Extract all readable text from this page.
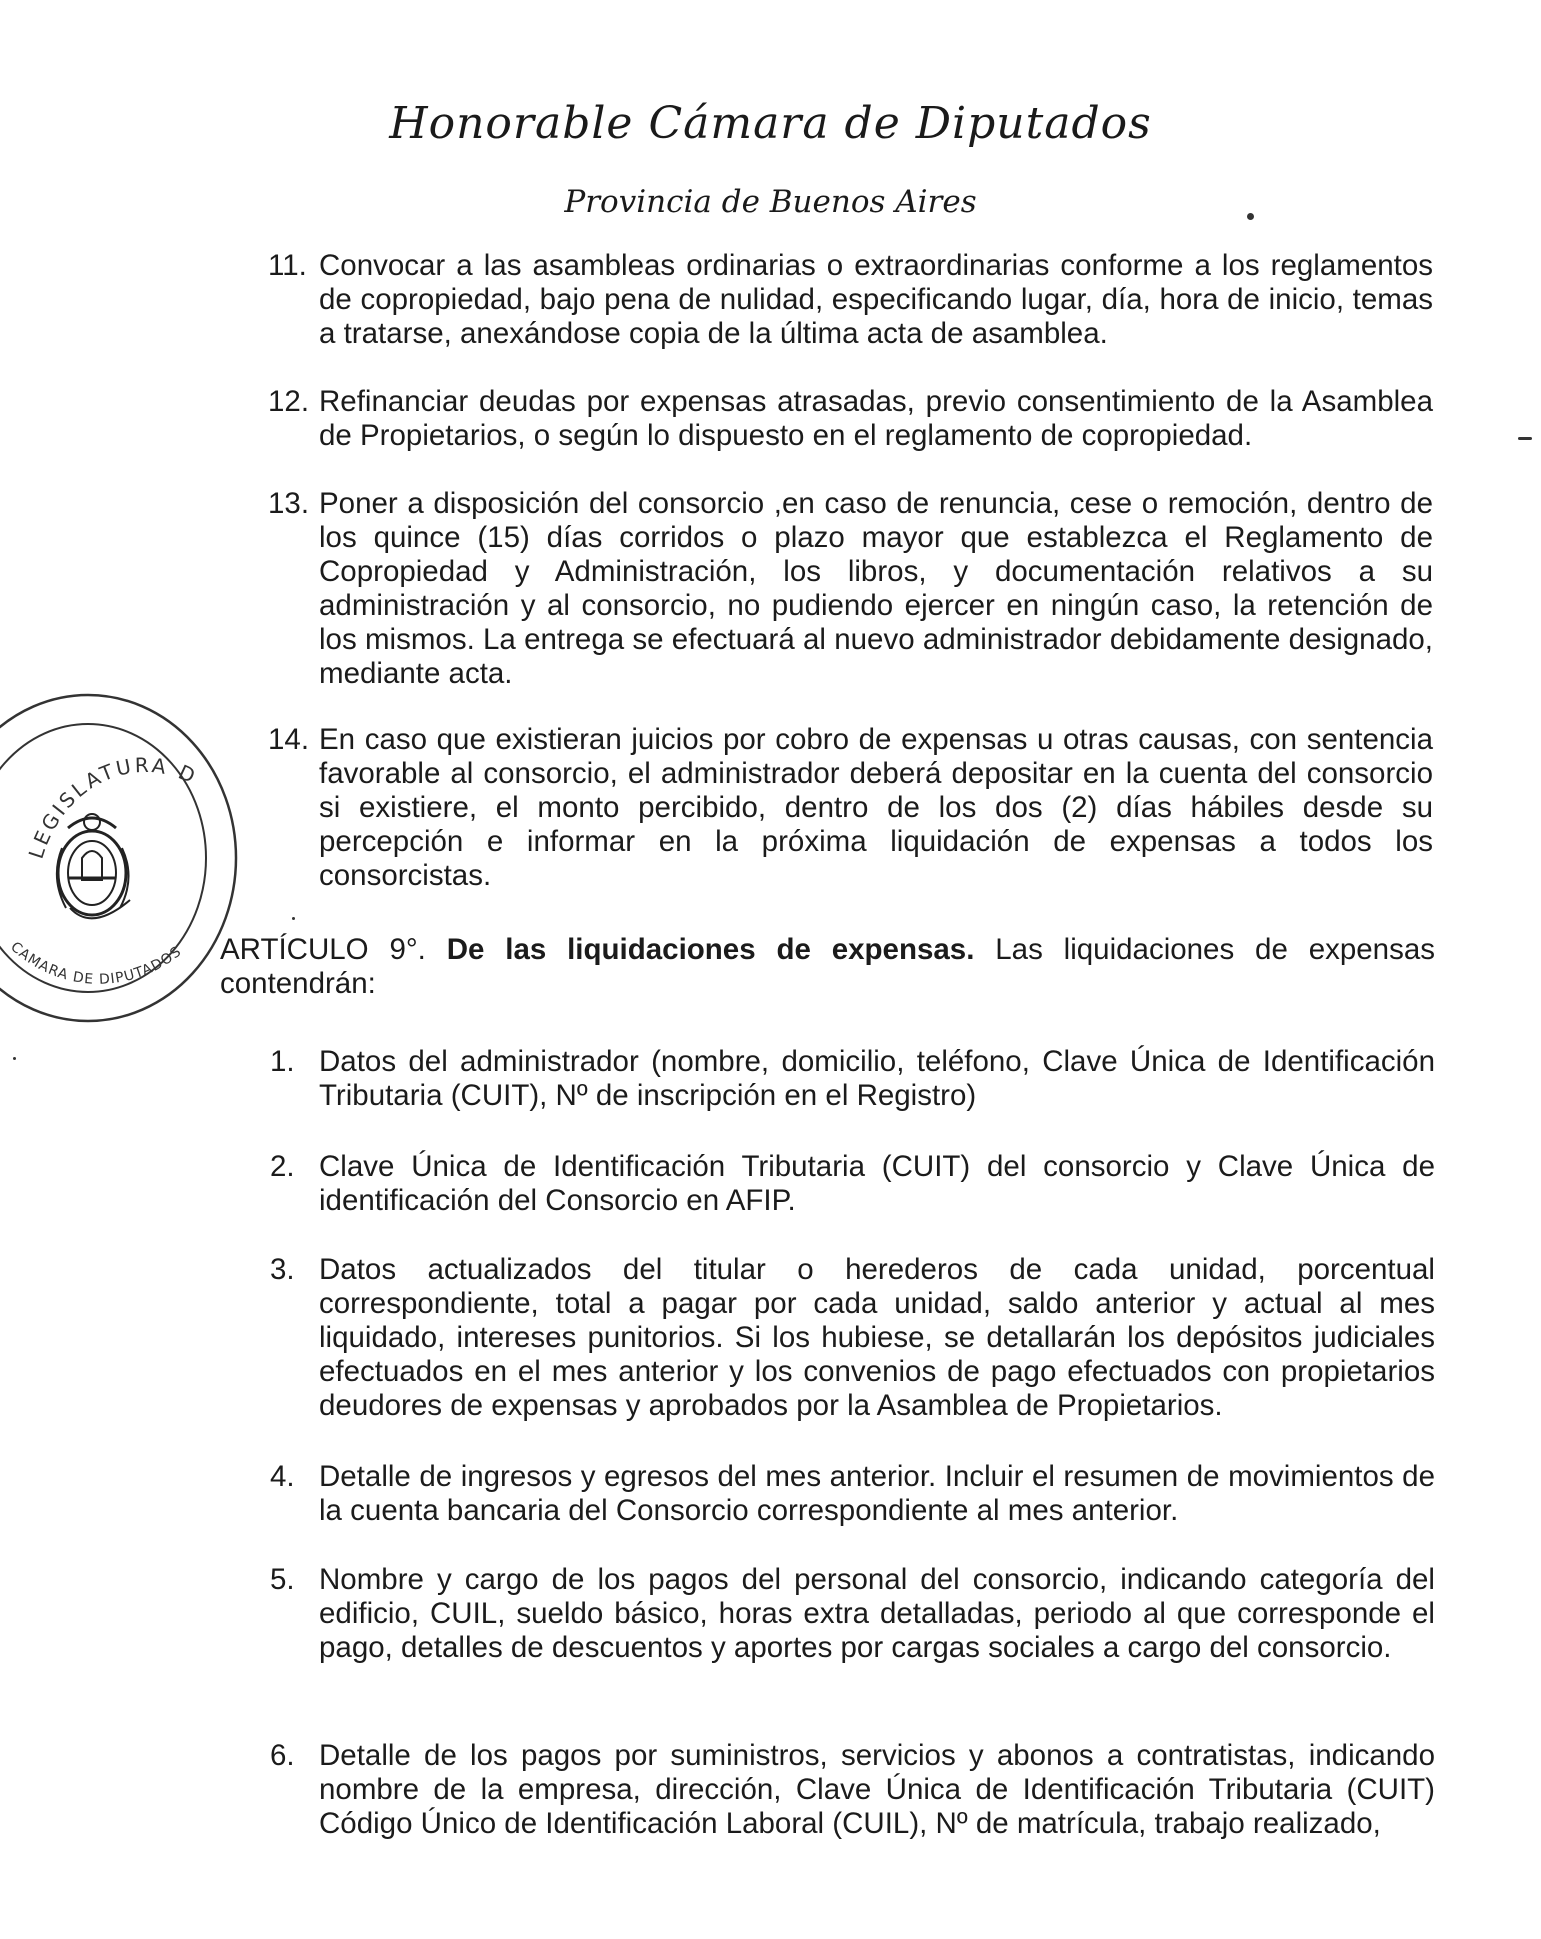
Honorable Cámara de Diputados
Provincia de Buenos Aires
LEGISLATURA D
CAMARA DE DIPUTADOS
11. Convocar a las asambleas ordinarias o extraordinarias conforme a los reglamentos de copropiedad, bajo pena de nulidad, especificando lugar, día, hora de inicio, temas a tratarse, anexándose copia de la última acta de asamblea.
12. Refinanciar deudas por expensas atrasadas, previo consentimiento de la Asamblea de Propietarios, o según lo dispuesto en el reglamento de copropiedad.
13. Poner a disposición del consorcio ,en caso de renuncia, cese o remoción, dentro de los quince (15) días corridos o plazo mayor que establezca el Reglamento de Copropiedad y Administración, los libros, y documentación relativos a su administración y al consorcio, no pudiendo ejercer en ningún caso, la retención de los mismos. La entrega se efectuará al nuevo administrador debidamente designado, mediante acta.
14. En caso que existieran juicios por cobro de expensas u otras causas, con sentencia favorable al consorcio, el administrador deberá depositar en la cuenta del consorcio si existiere, el monto percibido, dentro de los dos (2) días hábiles desde su percepción e informar en la próxima liquidación de expensas a todos los consorcistas.
ARTÍCULO 9°. De las liquidaciones de expensas. Las liquidaciones de expensas contendrán:
1. Datos del administrador (nombre, domicilio, teléfono, Clave Única de Identificación Tributaria (CUIT), Nº de inscripción en el Registro)
2. Clave Única de Identificación Tributaria (CUIT) del consorcio y Clave Única de identificación del Consorcio en AFIP.
3. Datos actualizados del titular o herederos de cada unidad, porcentual correspondiente, total a pagar por cada unidad, saldo anterior y actual al mes liquidado, intereses punitorios. Si los hubiese, se detallarán los depósitos judiciales efectuados en el mes anterior y los convenios de pago efectuados con propietarios deudores de expensas y aprobados por la Asamblea de Propietarios.
4. Detalle de ingresos y egresos del mes anterior. Incluir el resumen de movimientos de la cuenta bancaria del Consorcio correspondiente al mes anterior.
5. Nombre y cargo de los pagos del personal del consorcio, indicando categoría del edificio, CUIL, sueldo básico, horas extra detalladas, periodo al que corresponde el pago, detalles de descuentos y aportes por cargas sociales a cargo del consorcio.
6. Detalle de los pagos por suministros, servicios y abonos a contratistas, indicando nombre de la empresa, dirección, Clave Única de Identificación Tributaria (CUIT) Código Único de Identificación Laboral (CUIL), Nº de matrícula, trabajo realizado,
